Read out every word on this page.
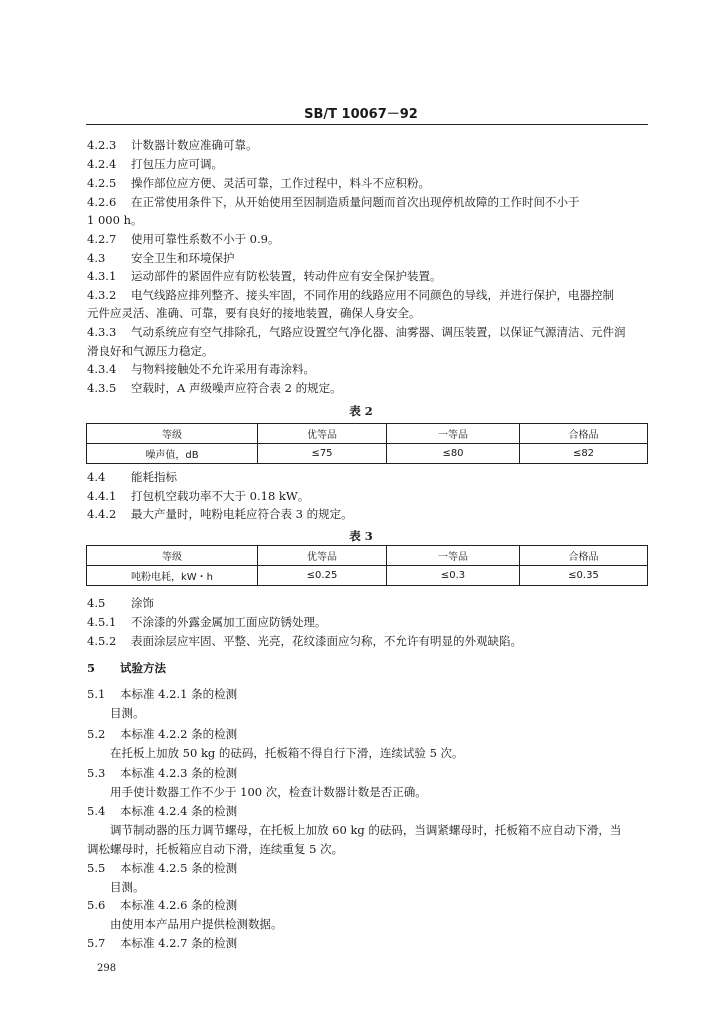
SB/T 10067－92
4.2.3 计数器计数应准确可靠。
4.2.4 打包压力应可调。
4.2.5 操作部位应方便、灵活可靠，工作过程中，料斗不应积粉。
4.2.6 在正常使用条件下，从开始使用至因制造质量问题而首次出现停机故障的工作时间不小于
1 000 h。
4.2.7 使用可靠性系数不小于 0.9。
4.3 安全卫生和环境保护
4.3.1 运动部件的紧固件应有防松装置，转动件应有安全保护装置。
4.3.2 电气线路应排列整齐、接头牢固，不同作用的线路应用不同颜色的导线，并进行保护，电器控制
元件应灵活、准确、可靠，要有良好的接地装置，确保人身安全。
4.3.3 气动系统应有空气排除孔，气路应设置空气净化器、油雾器、调压装置，以保证气源清洁、元件润
滑良好和气源压力稳定。
4.3.4 与物料接触处不允许采用有毒涂料。
4.3.5 空载时，A 声级噪声应符合表 2 的规定。
表 2
等级	优等品	一等品	合格品
噪声值，dB	≤75	≤80	≤82
4.4 能耗指标
4.4.1 打包机空载功率不大于 0.18 kW。
4.4.2 最大产量时，吨粉电耗应符合表 3 的规定。
表 3
等级	优等品	一等品	合格品
吨粉电耗，kW・h	≤0.25	≤0.3	≤0.35
4.5 涂饰
4.5.1 不涂漆的外露金属加工面应防锈处理。
4.5.2 表面涂层应牢固、平整、光亮，花纹漆面应匀称，不允许有明显的外观缺陷。
5 试验方法
5.1 本标准 4.2.1 条的检测
目测。
5.2 本标准 4.2.2 条的检测
在托板上加放 50 kg 的砝码，托板箱不得自行下滑，连续试验 5 次。
5.3 本标准 4.2.3 条的检测
用手使计数器工作不少于 100 次，检查计数器计数是否正确。
5.4 本标准 4.2.4 条的检测
调节制动器的压力调节螺母，在托板上加放 60 kg 的砝码，当调紧螺母时，托板箱不应自动下滑，当
调松螺母时，托板箱应自动下滑，连续重复 5 次。
5.5 本标准 4.2.5 条的检测
目测。
5.6 本标准 4.2.6 条的检测
由使用本产品用户提供检测数据。
5.7 本标准 4.2.7 条的检测
298
